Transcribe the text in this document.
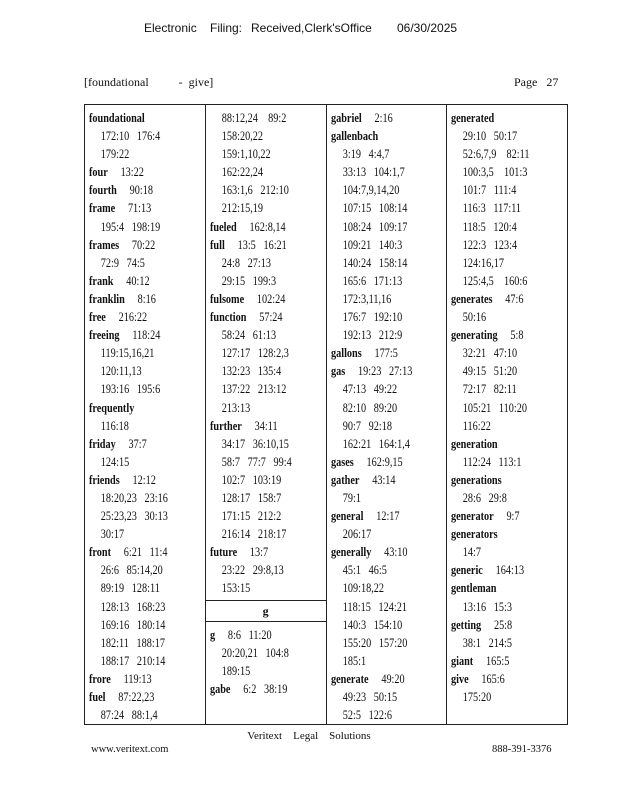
Electronic

Filing:

Received,Clerk'sOffice

06/30/2025

[foundational          -  give]	Page   27
foundational
172:10   176:4
179:22
four 13:22
fourth 90:18
frame 71:13
195:4   198:19
frames 70:22
72:9   74:5
frank 40:12
franklin 8:16
free 216:22
freeing 118:24
119:15,16,21
120:11,13
193:16   195:6
frequently
116:18
friday 37:7
124:15
friends 12:12
18:20,23   23:16
25:23,23   30:13
30:17
front 6:21   11:4
26:6   85:14,20
89:19   128:11
128:13   168:23
169:16   180:14
182:11   188:17
188:17   210:14
frore 119:13
fuel 87:22,23
87:24   88:1,4
88:12,24    89:2
158:20,22
159:1,10,22
162:22,24
163:1,6   212:10
212:15,19
fueled 162:8,14
full 13:5   16:21
24:8   27:13
29:15   199:3
fulsome 102:24
function 57:24
58:24   61:13
127:17   128:2,3
132:23   135:4
137:22   213:12
213:13
further 34:11
34:17   36:10,15
58:7   77:7   99:4
102:7   103:19
128:17   158:7
171:15   212:2
216:14   218:17
future 13:7
23:22   29:8,13
153:15
g
g 8:6   11:20
20:20,21   104:8
189:15
gabe 6:2   38:19
gabriel 2:16
gallenbach
3:19   4:4,7
33:13   104:1,7
104:7,9,14,20
107:15   108:14
108:24   109:17
109:21   140:3
140:24   158:14
165:6   171:13
172:3,11,16
176:7   192:10
192:13   212:9
gallons 177:5
gas 19:23   27:13
47:13   49:22
82:10   89:20
90:7   92:18
162:21   164:1,4
gases 162:9,15
gather 43:14
79:1
general 12:17
206:17
generally 43:10
45:1   46:5
109:18,22
118:15   124:21
140:3   154:10
155:20   157:20
185:1
generate 49:20
49:23   50:15
52:5   122:6
generated
29:10   50:17
52:6,7,9    82:11
100:3,5    101:3
101:7   111:4
116:3   117:11
118:5   120:4
122:3   123:4
124:16,17
125:4,5    160:6
generates 47:6
50:16
generating 5:8
32:21   47:10
49:15   51:20
72:17   82:11
105:21   110:20
116:22
generation
112:24   113:1
generations
28:6   29:8
generator 9:7
generators
14:7
generic 164:13
gentleman
13:16   15:3
getting 25:8
38:1   214:5
giant 165:5
give 165:6
175:20
Veritext    Legal    Solutions
www.veritext.com	888-391-3376
